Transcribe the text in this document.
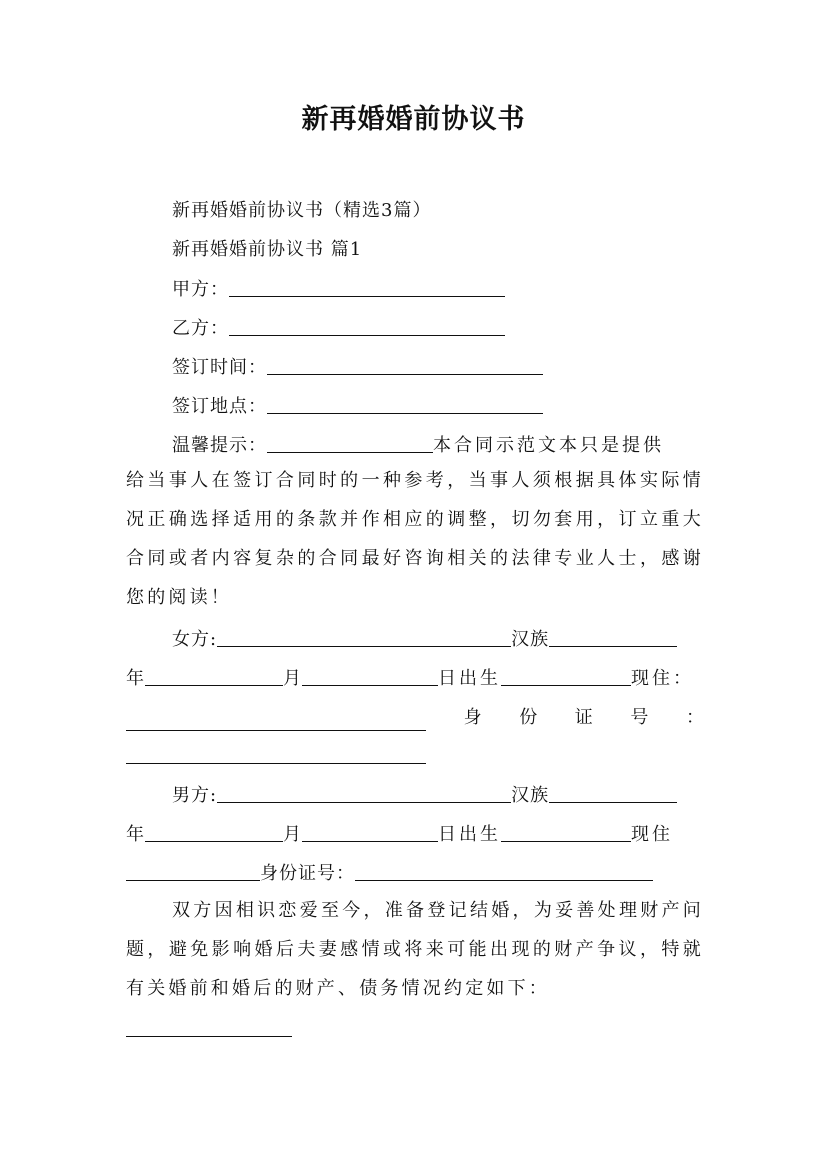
新再婚婚前协议书
新再婚婚前协议书（精选3篇）
新再婚婚前协议书 篇1
甲方：
乙方：
签订时间：
签订地点：
温馨提示：	本合同示范文本只是提供
给当事人在签订合同时的一种参考，当事人须根据具体实际情况正确选择适用的条款并作相应的调整，切勿套用，订立重大合同或者内容复杂的合同最好咨询相关的法律专业人士，感谢您的阅读！
女方:	汉族
年	月	日出生	现住：
身 份 证 号 ：
男方:	汉族
年	月	日出生	现住
身份证号：
双方因相识恋爱至今，准备登记结婚，为妥善处理财产问题，避免影响婚后夫妻感情或将来可能出现的财产争议，特就有关婚前和婚后的财产、债务情况约定如下：
